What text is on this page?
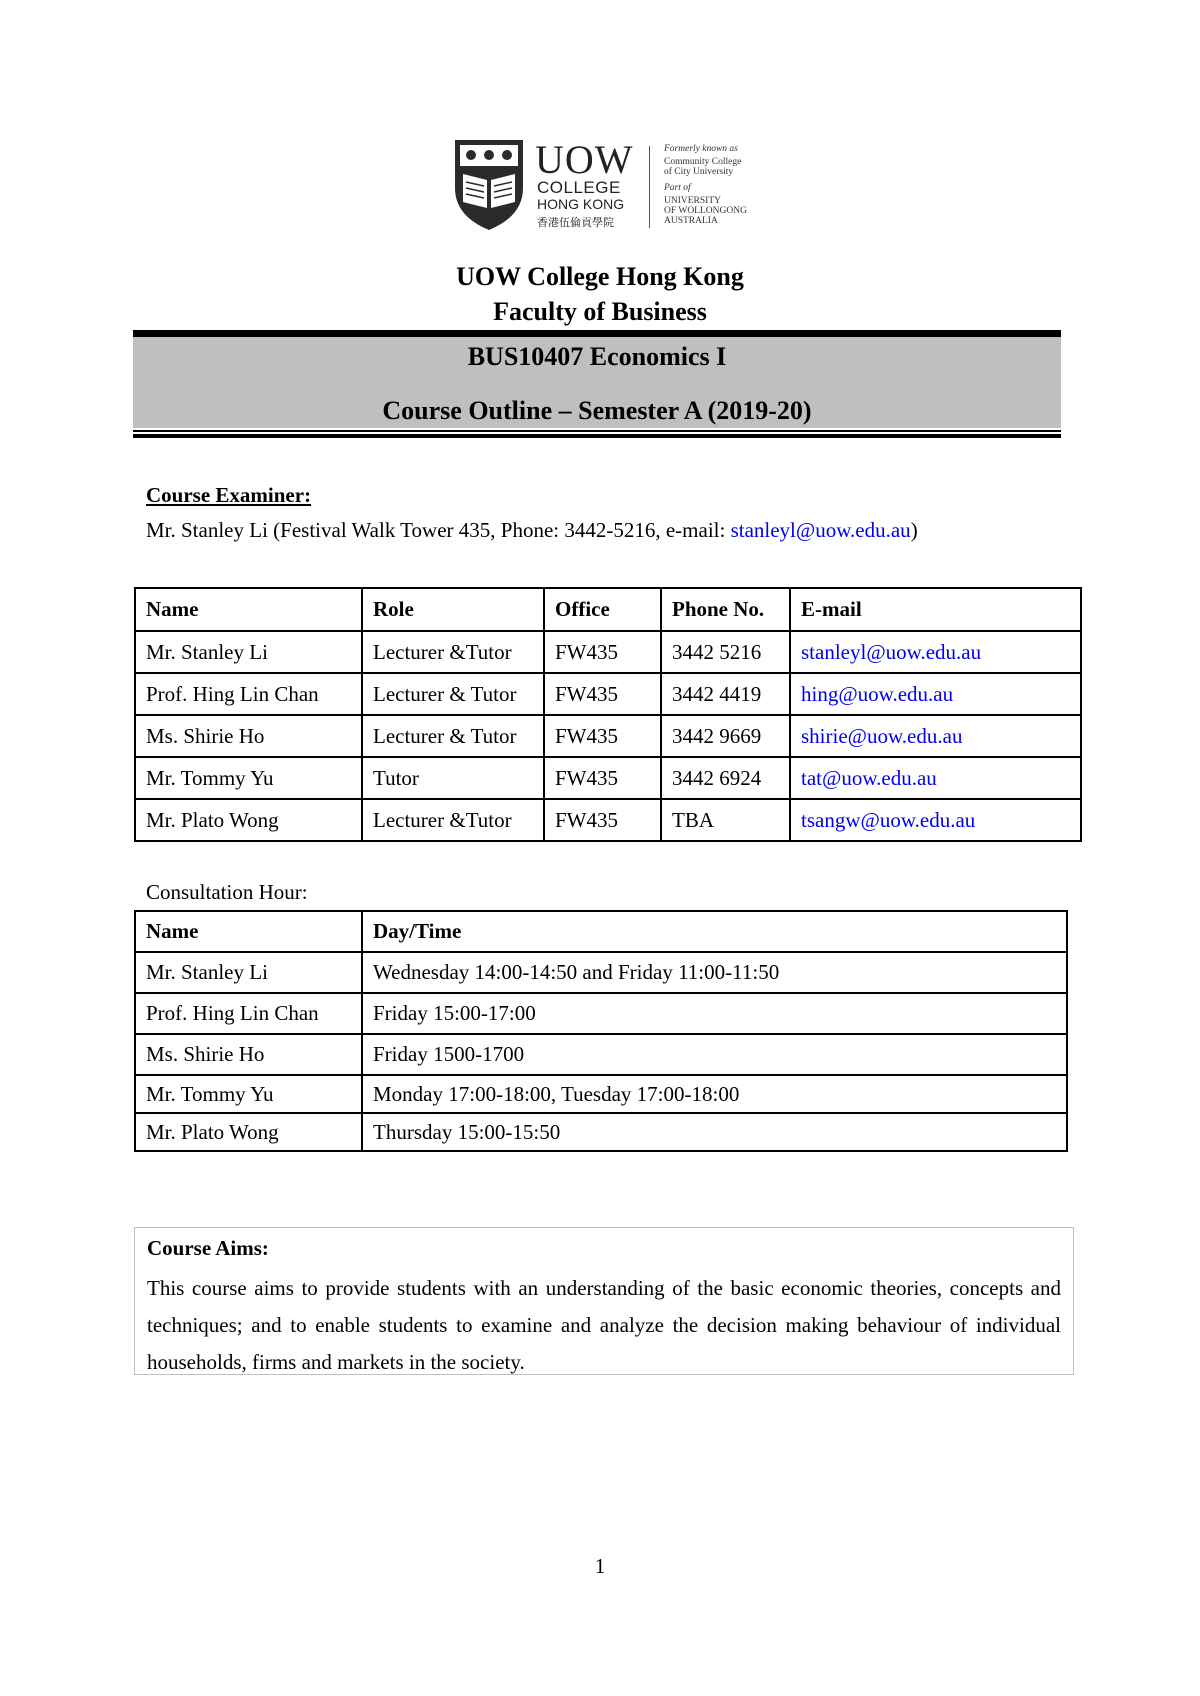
UOW
COLLEGE
HONG KONG
香港伍倫貢學院
Formerly known as
Community College
of City University
Part of
UNIVERSITY
OF WOLLONGONG
AUSTRALIA
UOW College Hong Kong
Faculty of Business
BUS10407 Economics I
Course Outline – Semester A (2019-20)
Course Examiner:
Mr. Stanley Li (Festival Walk Tower 435, Phone: 3442-5216, e-mail: stanleyl@uow.edu.au)
Name	Role	Office	Phone No.	E-mail
Mr. Stanley Li	Lecturer &Tutor	FW435	3442 5216	stanleyl@uow.edu.au
Prof. Hing Lin Chan	Lecturer & Tutor	FW435	3442 4419	hing@uow.edu.au
Ms. Shirie Ho	Lecturer & Tutor	FW435	3442 9669	shirie@uow.edu.au
Mr. Tommy Yu	Tutor	FW435	3442 6924	tat@uow.edu.au
Mr. Plato Wong	Lecturer &Tutor	FW435	TBA	tsangw@uow.edu.au
Consultation Hour:
Name	Day/Time
Mr. Stanley Li	Wednesday 14:00-14:50 and Friday 11:00-11:50
Prof. Hing Lin Chan	Friday 15:00-17:00
Ms. Shirie Ho	Friday 1500-1700
Mr. Tommy Yu	Monday 17:00-18:00, Tuesday 17:00-18:00
Mr. Plato Wong	Thursday 15:00-15:50
Course Aims:
This course aims to provide students with an understanding of the basic economic theories, concepts and techniques; and to enable students to examine and analyze the decision making behaviour of individual households, firms and markets in the society.
1
